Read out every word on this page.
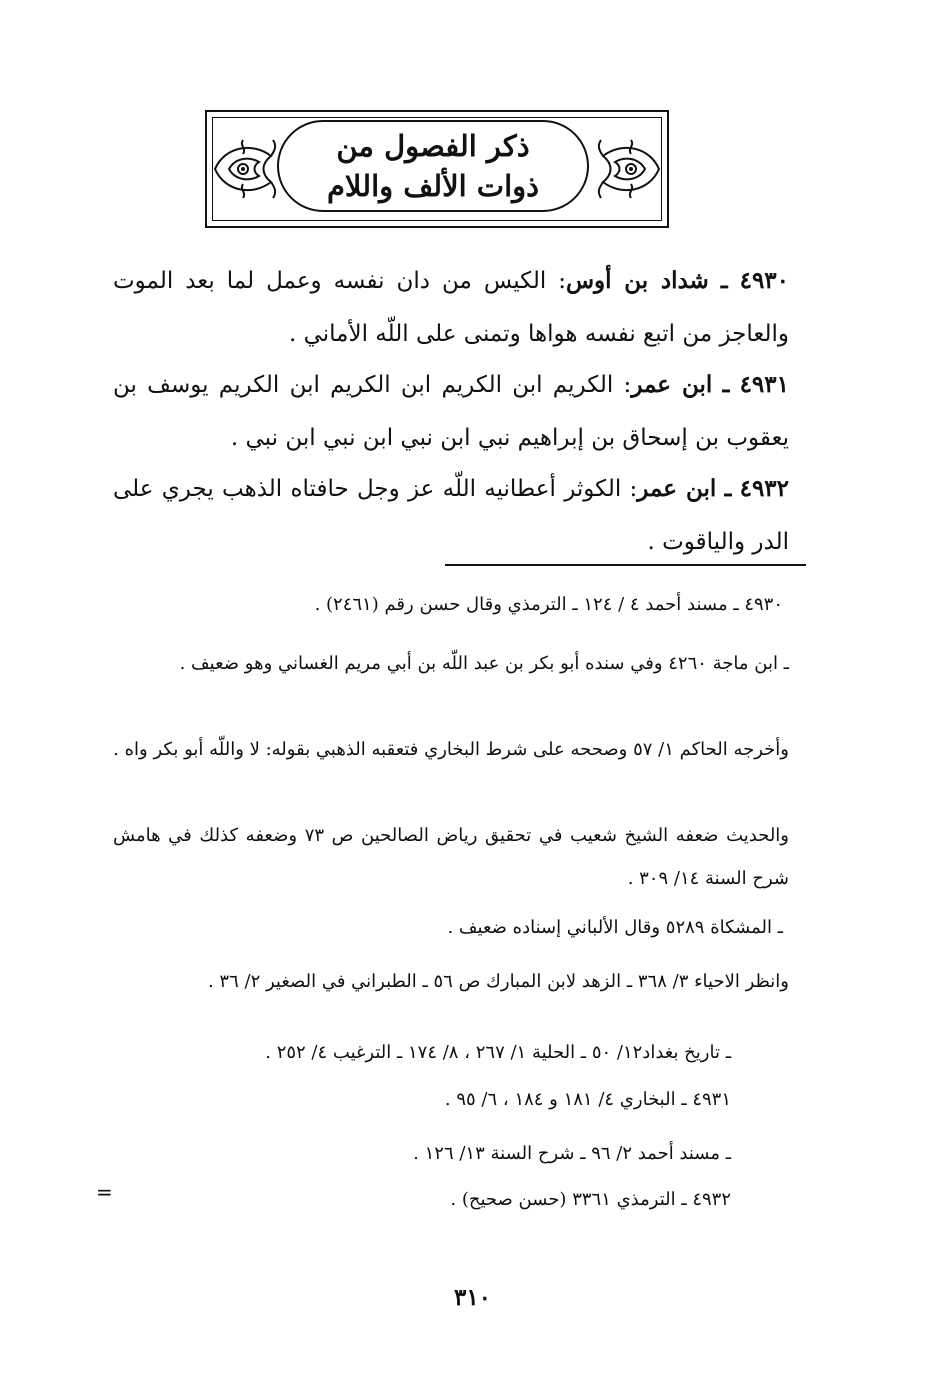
ذكر الفصول من
ذوات الألف واللام
٤٩٣٠ ـ شداد بن أوس: الكيس من دان نفسه وعمل لما بعد الموت والعاجز من اتبع نفسه هواها وتمنى على اللّه الأماني .
٤٩٣١ ـ ابن عمر: الكريم ابن الكريم ابن الكريم ابن الكريم يوسف بن يعقوب بن إسحاق بن إبراهيم نبي ابن نبي ابن نبي ابن نبي .
٤٩٣٢ ـ ابن عمر: الكوثر أعطانيه اللّه عز وجل حافتاه الذهب يجري على الدر والياقوت .
٤٩٣٠ ـ مسند أحمد ٤ / ١٢٤ ـ الترمذي وقال حسن رقم (٢٤٦١) .
ـ ابن ماجة ٤٢٦٠ وفي سنده أبو بكر بن عبد اللّه بن أبي مريم الغساني وهو ضعيف .
وأخرجه الحاكم ١/ ٥٧ وصححه على شرط البخاري فتعقبه الذهبي بقوله: لا واللّه أبو بكر واه .
والحديث ضعفه الشيخ شعيب في تحقيق رياض الصالحين ص ٧٣ وضعفه كذلك في هامش شرح السنة ١٤/ ٣٠٩ .
ـ المشكاة ٥٢٨٩ وقال الألباني إسناده ضعيف .
وانظر الاحياء ٣/ ٣٦٨ ـ الزهد لابن المبارك ص ٥٦ ـ الطبراني في الصغير ٢/ ٣٦ .
ـ تاريخ بغداد١٢/ ٥٠ ـ الحلية ١/ ٢٦٧ ، ٨/ ١٧٤ ـ الترغيب ٤/ ٢٥٢ .
٤٩٣١ ـ البخاري ٤/ ١٨١ و ١٨٤ ، ٦/ ٩٥ .
ـ مسند أحمد ٢/ ٩٦ ـ شرح السنة ١٣/ ١٢٦ .
٤٩٣٢ ـ الترمذي ٣٣٦١ (حسن صحيح) .
=
٣١٠
